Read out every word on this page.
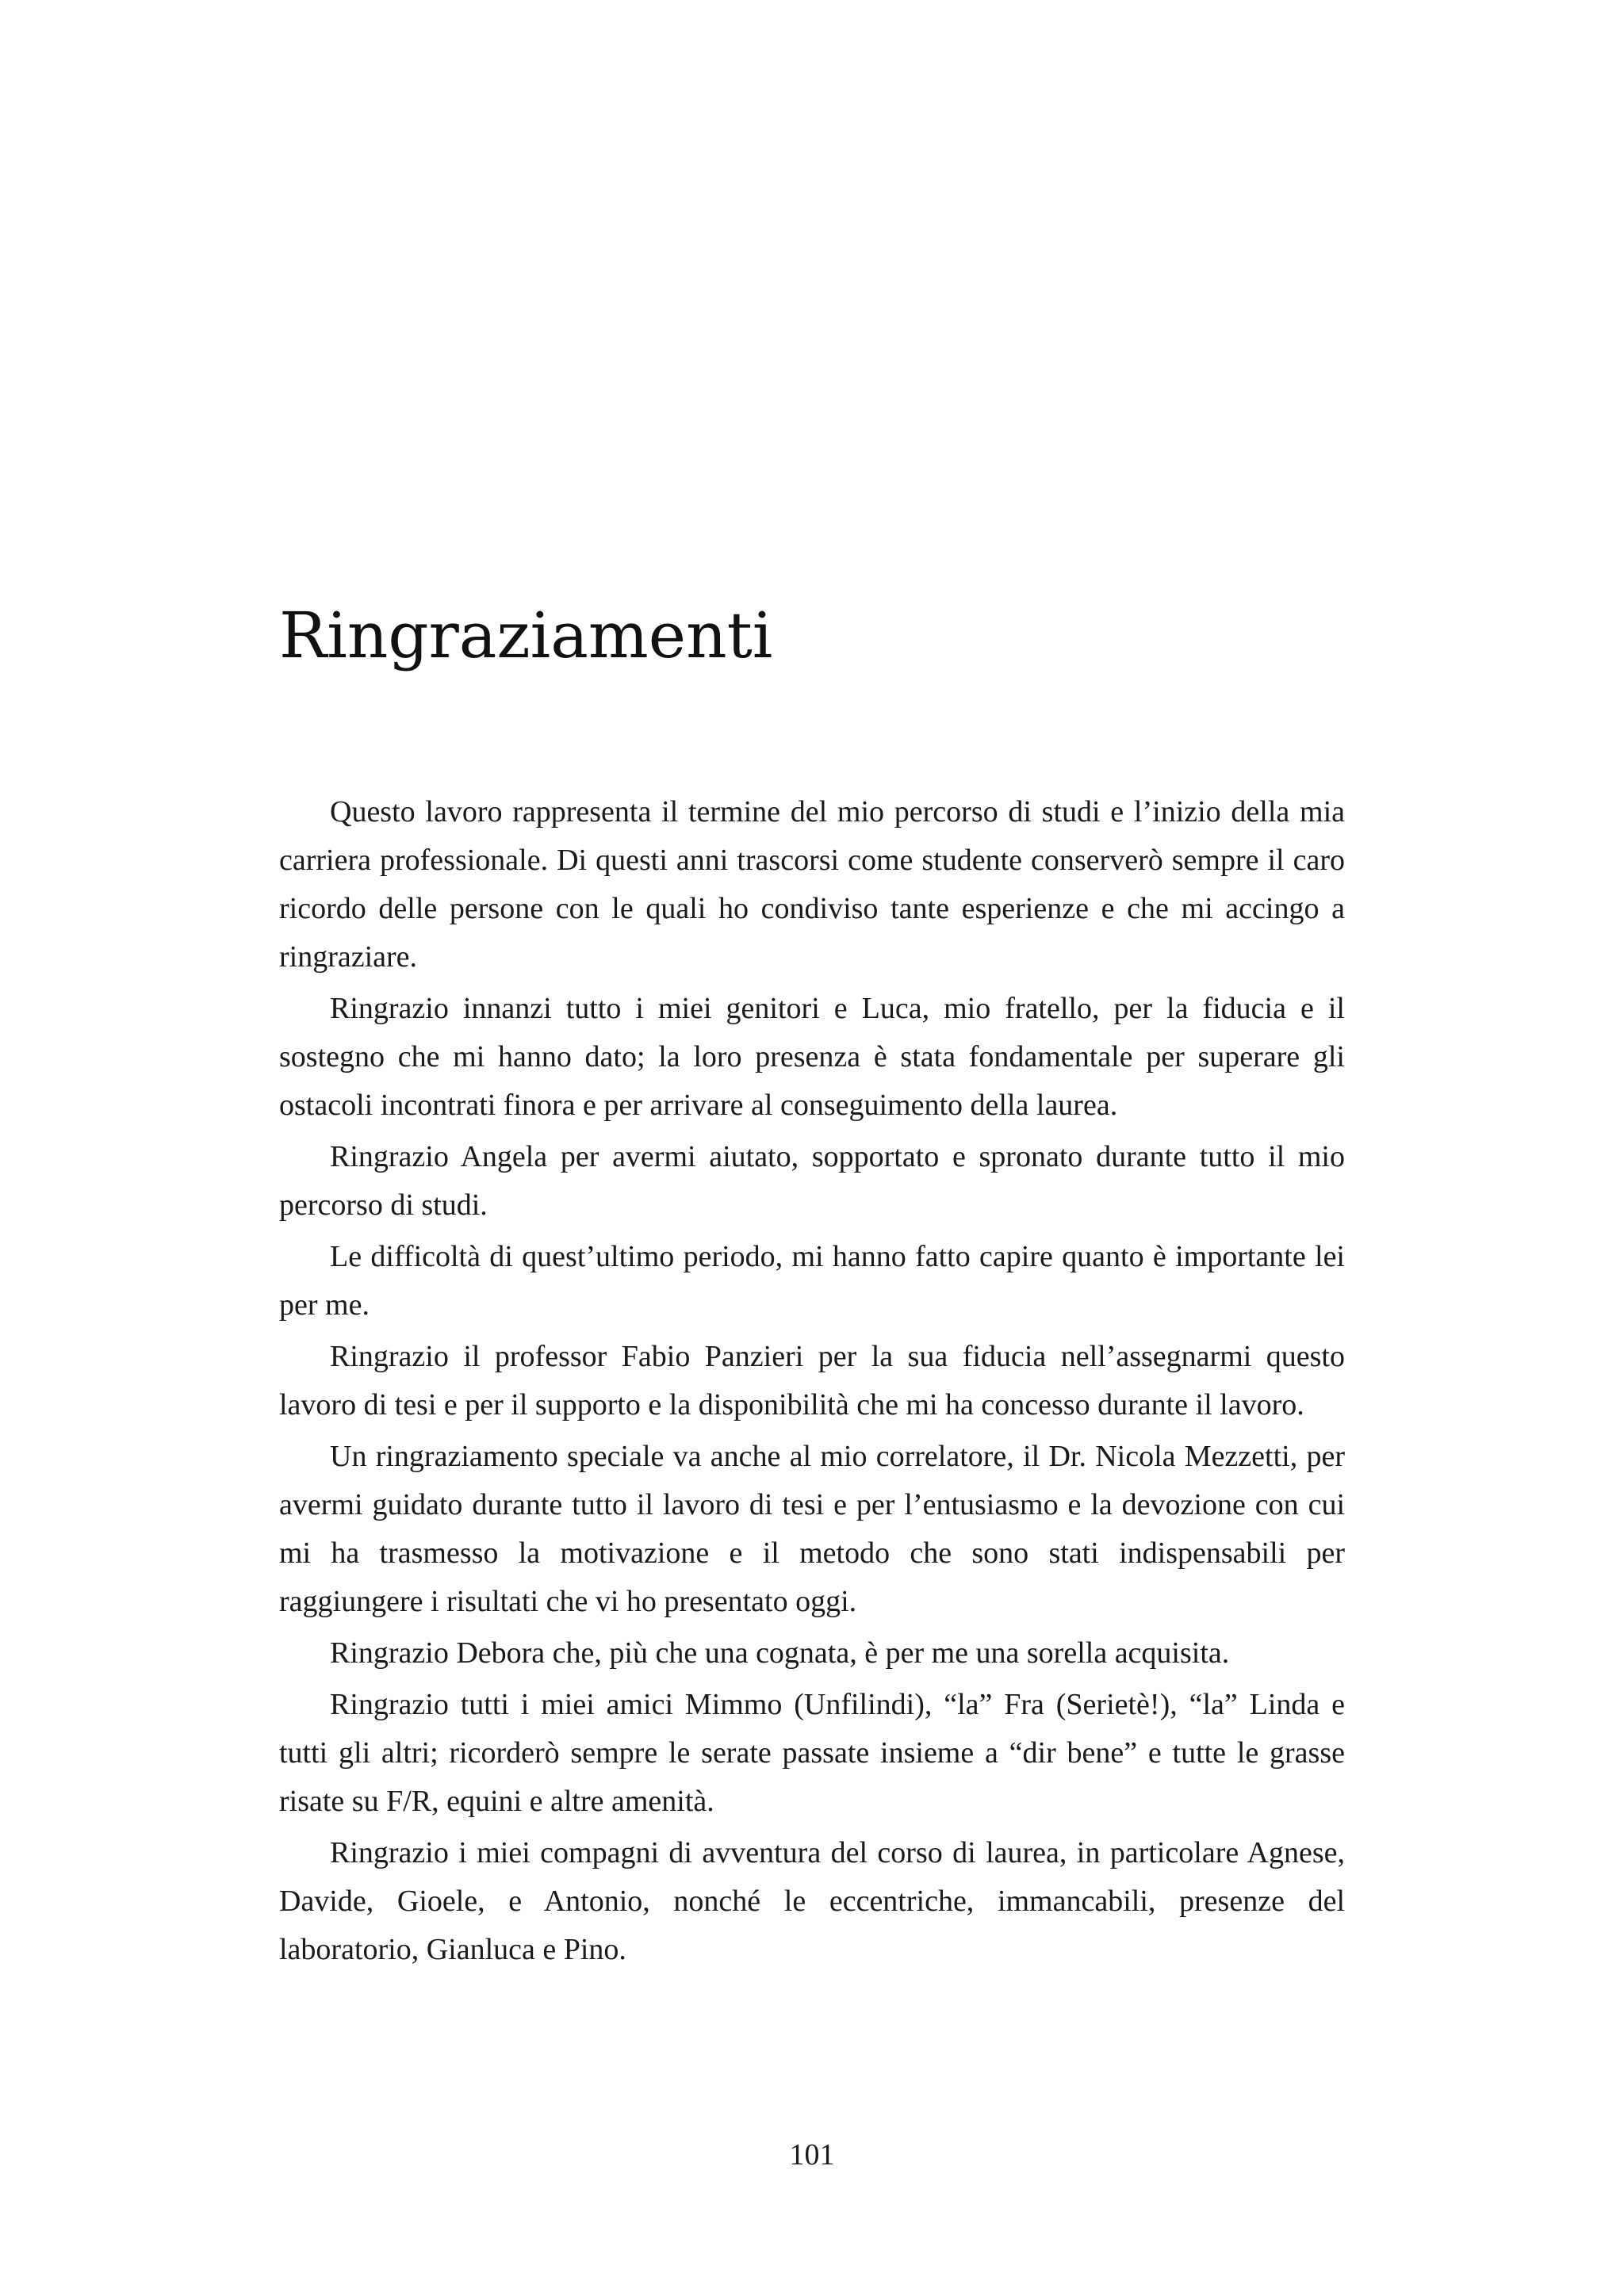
Ringraziamenti

Questo lavoro rappresenta il termine del mio percorso di studi e l’inizio della mia carriera professionale. Di questi anni trascorsi come studente conserverò sempre il caro ricordo delle persone con le quali ho condiviso tante esperienze e che mi accingo a ringraziare.

Ringrazio innanzi tutto i miei genitori e Luca, mio fratello, per la fiducia e il sostegno che mi hanno dato; la loro presenza è stata fondamentale per superare gli ostacoli incontrati finora e per arrivare al conseguimento della laurea.

Ringrazio Angela per avermi aiutato, sopportato e spronato durante tutto il mio percorso di studi.

Le difficoltà di quest’ultimo periodo, mi hanno fatto capire quanto è importante lei per me.

Ringrazio il professor Fabio Panzieri per la sua fiducia nell’assegnarmi questo lavoro di tesi e per il supporto e la disponibilità che mi ha concesso durante il lavoro.

Un ringraziamento speciale va anche al mio correlatore, il Dr. Nicola Mezzetti, per avermi guidato durante tutto il lavoro di tesi e per l’entusiasmo e la devozione con cui mi ha trasmesso la motivazione e il metodo che sono stati indispensabili per raggiungere i risultati che vi ho presentato oggi.

Ringrazio Debora che, più che una cognata, è per me una sorella acquisita.

Ringrazio tutti i miei amici Mimmo (Unfilindi), “la” Fra (Serietè!), “la” Linda e tutti gli altri; ricorderò sempre le serate passate insieme a “dir bene” e tutte le grasse risate su F/R, equini e altre amenità.

Ringrazio i miei compagni di avventura del corso di laurea, in particolare Agnese, Davide, Gioele, e Antonio, nonché le eccentriche, immancabili, presenze del laboratorio, Gianluca e Pino.

101
